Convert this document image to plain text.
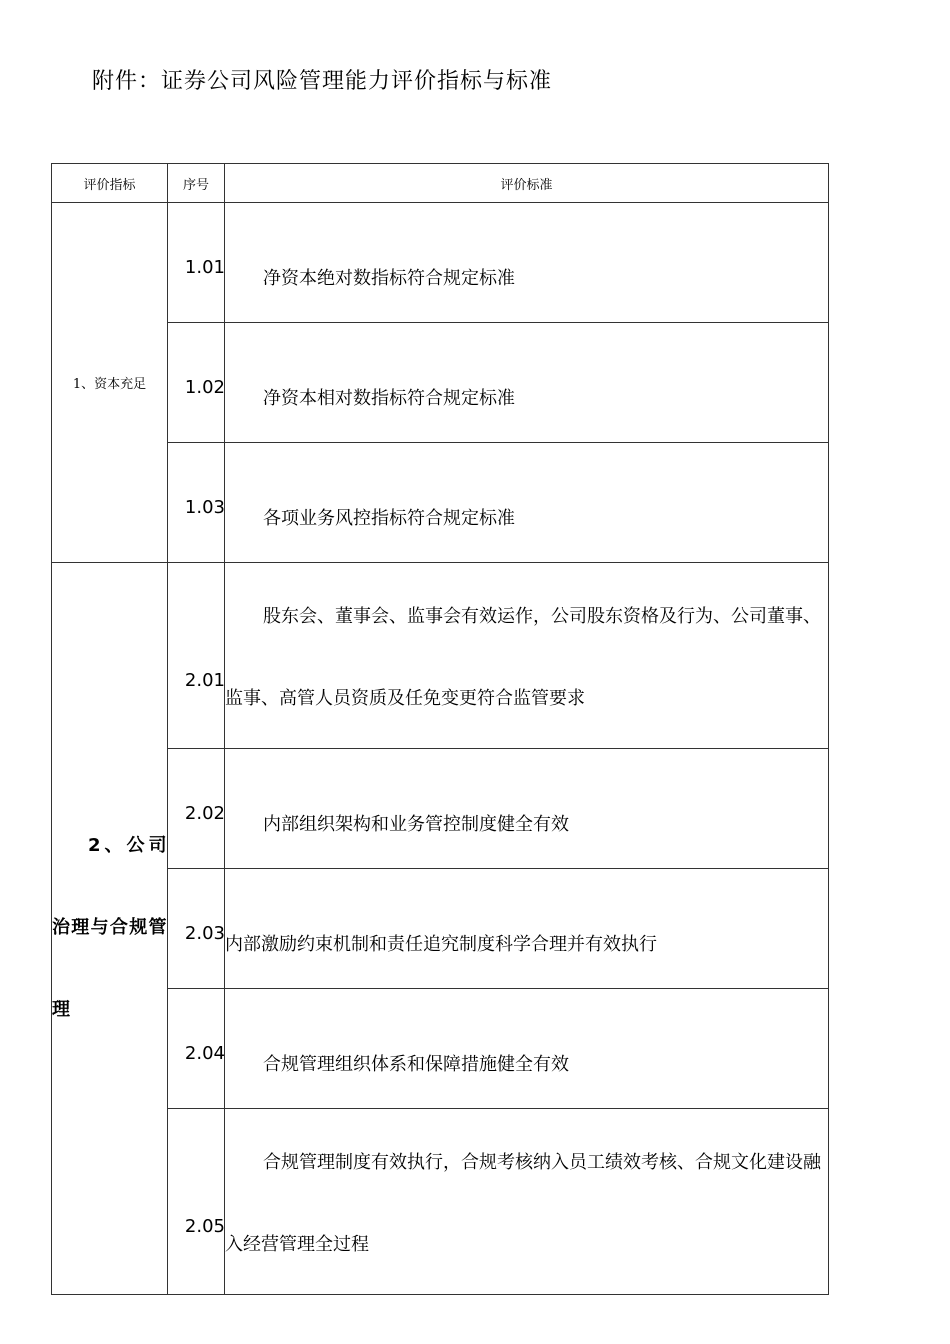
附件：证券公司风险管理能力评价指标与标准
评价指标	序号	评价标准
1、资本充足	1.01	净资本绝对数指标符合规定标准

	1.02	净资本相对数指标符合规定标准

	1.03	各项业务风控指标符合规定标准

2、公司治理与合规管理	2.01	股东会、董事会、监事会有效运作，公司股东资格及行为、公司董事、监事、高管人员资质及任免变更符合监管要求

	2.02	内部组织架构和业务管控制度健全有效

	2.03	内部激励约束机制和责任追究制度科学合理并有效执行

	2.04	合规管理组织体系和保障措施健全有效

	2.05	合规管理制度有效执行，合规考核纳入员工绩效考核、合规文化建设融入经营管理全过程
